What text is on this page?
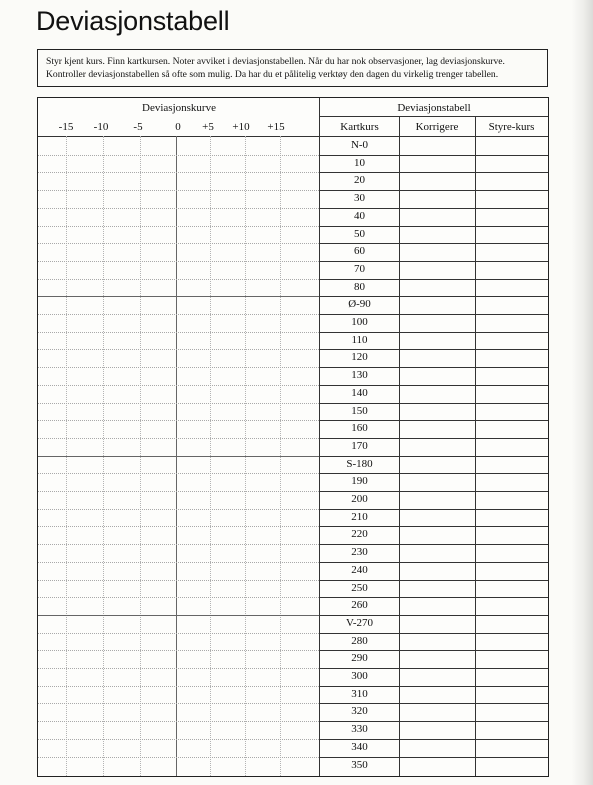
Deviasjonstabell
Styr kjent kurs. Finn kartkursen. Noter avviket i deviasjonstabellen. Når du har nok observasjoner, lag deviasjonskurve.
Kontroller deviasjonstabellen så ofte som mulig. Da har du et pålitelig verktøy den dagen du virkelig trenger tabellen.
Deviasjonskurve	Deviasjonstabell
-15 -10 -5	0 +5 +10 +15	Kartkurs	Korrigere	Styre-kurs
N-0
10
20
30
40
50
60
70
80
Ø-90
100
110
120
130
140
150
160
170
S-180
190
200
210
220
230
240
250
260
V-270
280
290
300
310
320
330
340
350
